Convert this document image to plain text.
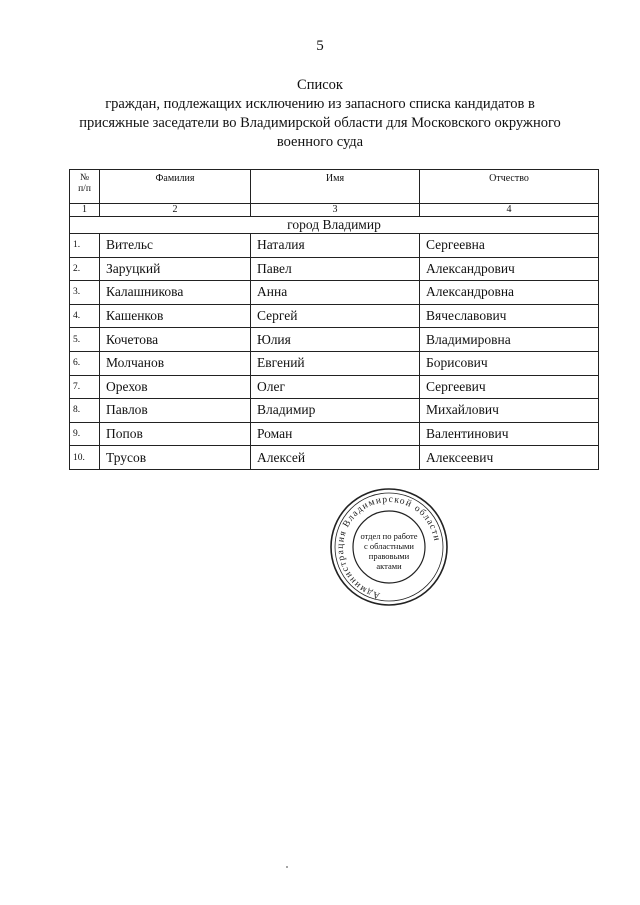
5
Список
граждан, подлежащих исключению из запасного списка кандидатов в
присяжные заседатели во Владимирской области для Московского окружного
военного суда
№
п/п	Фамилия	Имя	Отчество
1	2	3	4
город Владимир			
1.	Вительс	Наталия	Сергеевна
2.	Заруцкий	Павел	Александрович
3.	Калашникова	Анна	Александровна
4.	Кашенков	Сергей	Вячеславович
5.	Кочетова	Юлия	Владимировна
6.	Молчанов	Евгений	Борисович
7.	Орехов	Олег	Сергеевич
8.	Павлов	Владимир	Михайлович
9.	Попов	Роман	Валентинович
10.	Трусов	Алексей	Алексеевич
Администрация Владимирской области
отдел по работе
с областными
правовыми
актами
